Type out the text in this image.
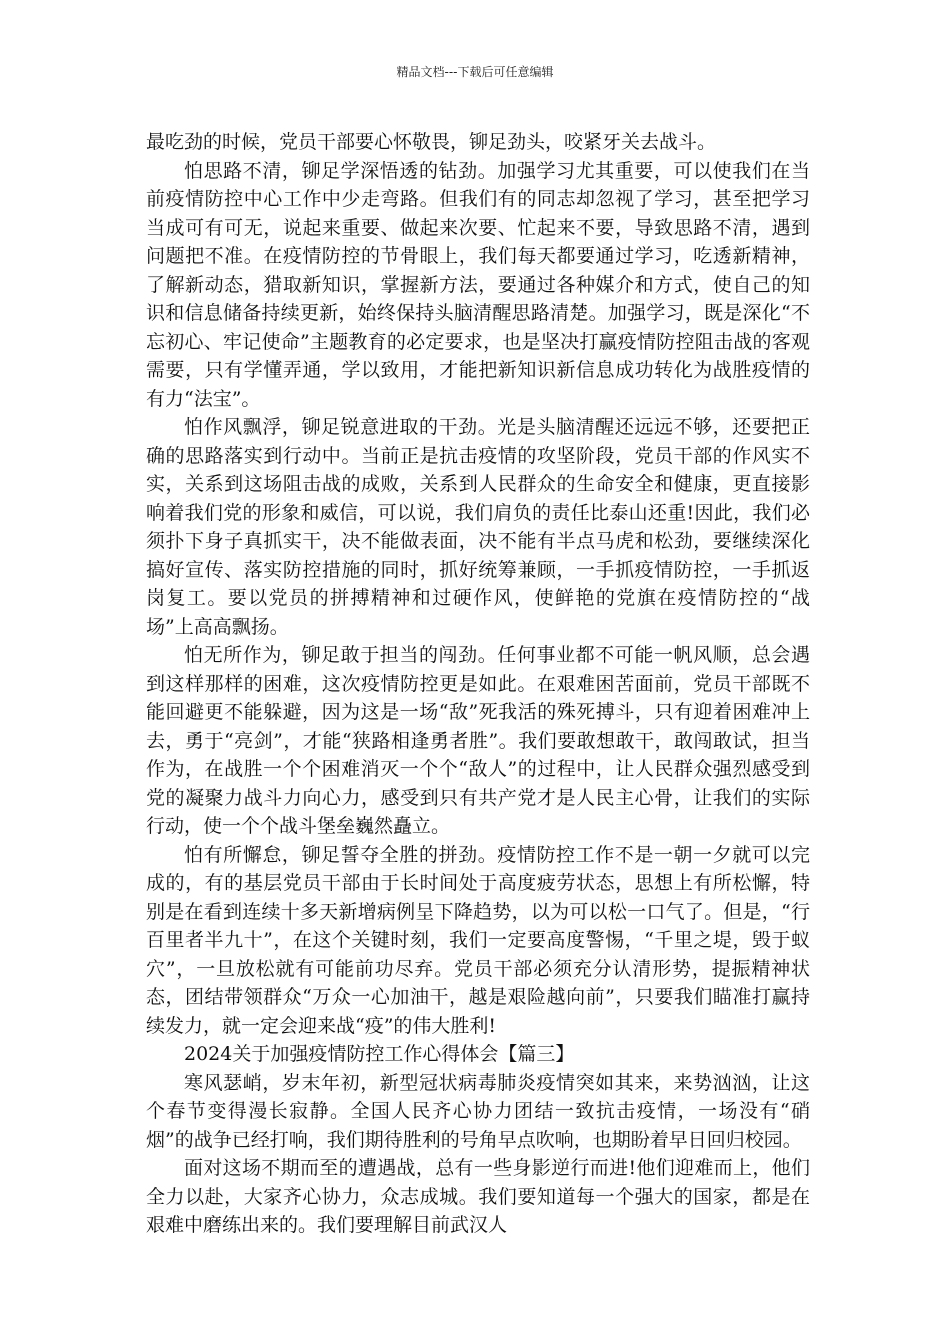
精品文档---下载后可任意编辑

最吃劲的时候，党员干部要心怀敬畏，铆足劲头，咬紧牙关去战斗。

怕思路不清，铆足学深悟透的钻劲。加强学习尤其重要，可以使我们在当前疫情防控中心工作中少走弯路。但我们有的同志却忽视了学习，甚至把学习当成可有可无，说起来重要、做起来次要、忙起来不要，导致思路不清，遇到问题把不准。在疫情防控的节骨眼上，我们每天都要通过学习，吃透新精神，了解新动态，猎取新知识，掌握新方法，要通过各种媒介和方式，使自己的知识和信息储备持续更新，始终保持头脑清醒思路清楚。加强学习，既是深化“不忘初心、牢记使命”主题教育的必定要求，也是坚决打赢疫情防控阻击战的客观需要，只有学懂弄通，学以致用，才能把新知识新信息成功转化为战胜疫情的有力“法宝”。

怕作风飘浮，铆足锐意进取的干劲。光是头脑清醒还远远不够，还要把正确的思路落实到行动中。当前正是抗击疫情的攻坚阶段，党员干部的作风实不实，关系到这场阻击战的成败，关系到人民群众的生命安全和健康，更直接影响着我们党的形象和威信，可以说，我们肩负的责任比泰山还重!因此，我们必须扑下身子真抓实干，决不能做表面，决不能有半点马虎和松劲，要继续深化搞好宣传、落实防控措施的同时，抓好统筹兼顾，一手抓疫情防控，一手抓返岗复工。要以党员的拼搏精神和过硬作风，使鲜艳的党旗在疫情防控的“战场”上高高飘扬。

怕无所作为，铆足敢于担当的闯劲。任何事业都不可能一帆风顺，总会遇到这样那样的困难，这次疫情防控更是如此。在艰难困苦面前，党员干部既不能回避更不能躲避，因为这是一场“敌”死我活的殊死搏斗，只有迎着困难冲上去，勇于“亮剑”，才能“狭路相逢勇者胜”。我们要敢想敢干，敢闯敢试，担当作为，在战胜一个个困难消灭一个个“敌人”的过程中，让人民群众强烈感受到党的凝聚力战斗力向心力，感受到只有共产党才是人民主心骨，让我们的实际行动，使一个个战斗堡垒巍然矗立。

怕有所懈怠，铆足誓夺全胜的拼劲。疫情防控工作不是一朝一夕就可以完成的，有的基层党员干部由于长时间处于高度疲劳状态，思想上有所松懈，特别是在看到连续十多天新增病例呈下降趋势，以为可以松一口气了。但是，“行百里者半九十”，在这个关键时刻，我们一定要高度警惕，“千里之堤，毁于蚁穴”，一旦放松就有可能前功尽弃。党员干部必须充分认清形势，提振精神状态，团结带领群众“万众一心加油干，越是艰险越向前”，只要我们瞄准打赢持续发力，就一定会迎来战“疫”的伟大胜利!

2024关于加强疫情防控工作心得体会【篇三】

寒风瑟峭，岁末年初，新型冠状病毒肺炎疫情突如其来，来势汹汹，让这个春节变得漫长寂静。全国人民齐心协力团结一致抗击疫情，一场没有“硝烟”的战争已经打响，我们期待胜利的号角早点吹响，也期盼着早日回归校园。

面对这场不期而至的遭遇战，总有一些身影逆行而进!他们迎难而上，他们全力以赴，大家齐心协力，众志成城。我们要知道每一个强大的国家，都是在艰难中磨练出来的。我们要理解目前武汉人
